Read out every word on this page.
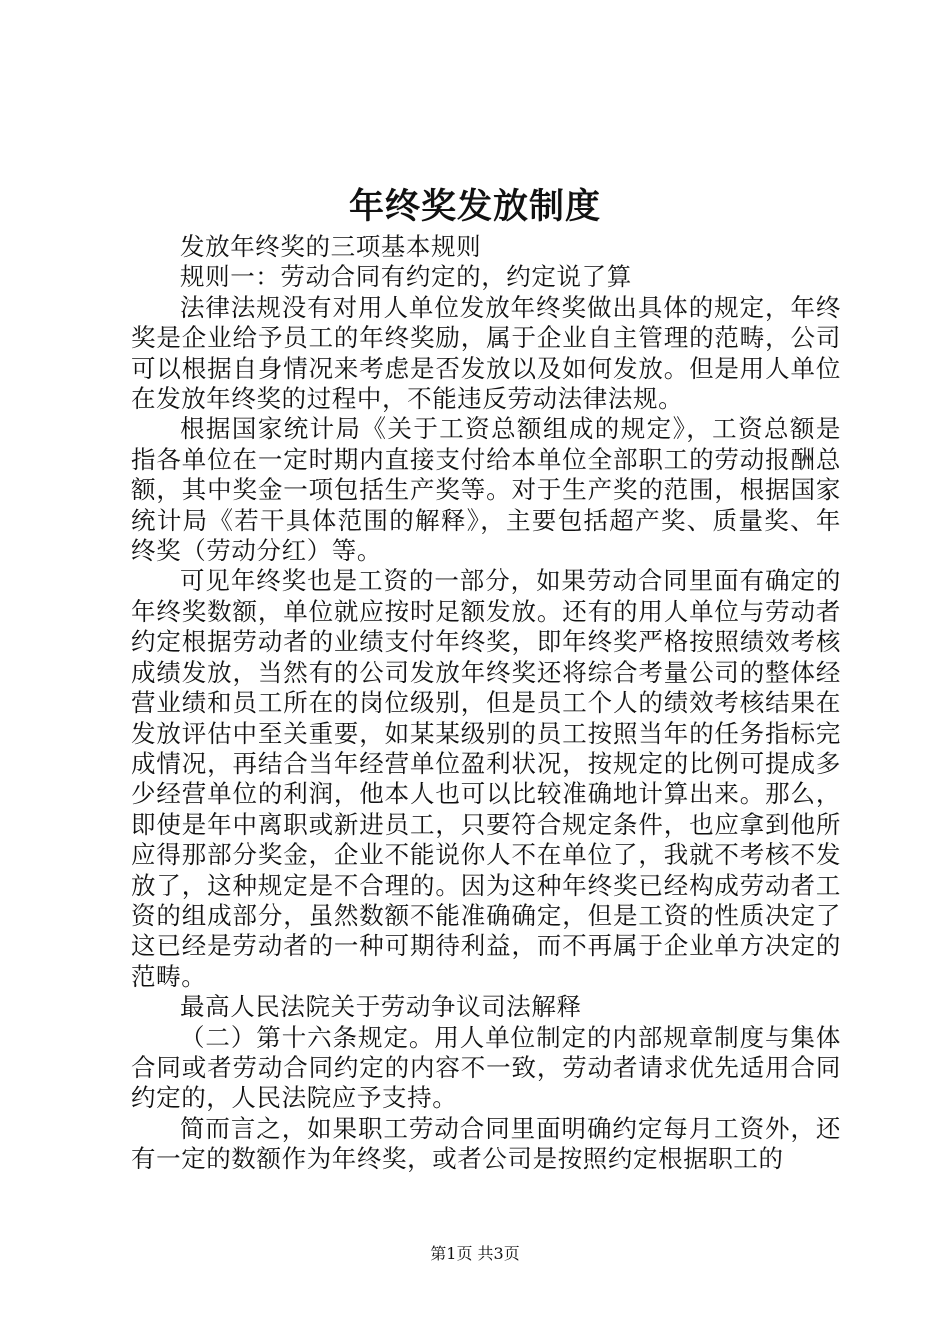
年终奖发放制度

发放年终奖的三项基本规则

规则一：劳动合同有约定的，约定说了算

法律法规没有对用人单位发放年终奖做出具体的规定，年终奖是企业给予员工的年终奖励，属于企业自主管理的范畴，公司可以根据自身情况来考虑是否发放以及如何发放。但是用人单位在发放年终奖的过程中，不能违反劳动法律法规。

根据国家统计局《关于工资总额组成的规定》，工资总额是指各单位在一定时期内直接支付给本单位全部职工的劳动报酬总额，其中奖金一项包括生产奖等。对于生产奖的范围，根据国家统计局《若干具体范围的解释》，主要包括超产奖、质量奖、年终奖（劳动分红）等。

可见年终奖也是工资的一部分，如果劳动合同里面有确定的年终奖数额，单位就应按时足额发放。还有的用人单位与劳动者约定根据劳动者的业绩支付年终奖，即年终奖严格按照绩效考核成绩发放，当然有的公司发放年终奖还将综合考量公司的整体经营业绩和员工所在的岗位级别，但是员工个人的绩效考核结果在发放评估中至关重要，如某某级别的员工按照当年的任务指标完成情况，再结合当年经营单位盈利状况，按规定的比例可提成多少经营单位的利润，他本人也可以比较准确地计算出来。那么，即使是年中离职或新进员工，只要符合规定条件，也应拿到他所应得那部分奖金，企业不能说你人不在单位了，我就不考核不发放了，这种规定是不合理的。因为这种年终奖已经构成劳动者工资的组成部分，虽然数额不能准确确定，但是工资的性质决定了这已经是劳动者的一种可期待利益，而不再属于企业单方决定的范畴。

最高人民法院关于劳动争议司法解释

（二）第十六条规定。用人单位制定的内部规章制度与集体合同或者劳动合同约定的内容不一致，劳动者请求优先适用合同约定的，人民法院应予支持。

简而言之，如果职工劳动合同里面明确约定每月工资外，还有一定的数额作为年终奖，或者公司是按照约定根据职工的

第1页 共3页
